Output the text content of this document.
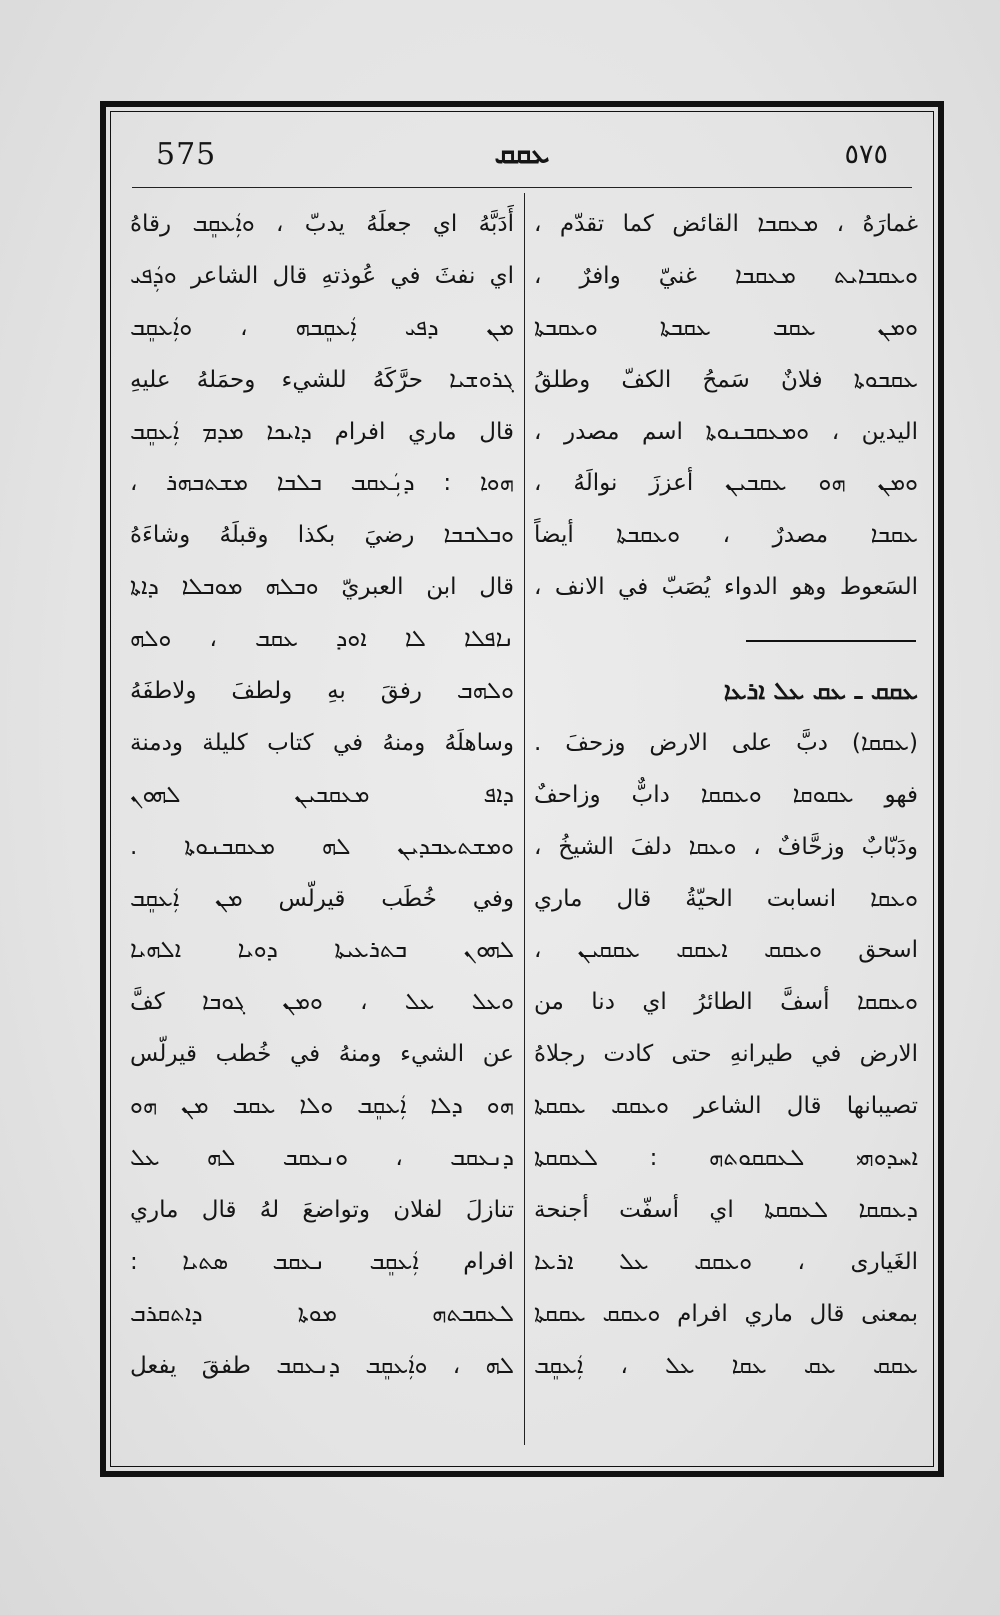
575	ܥܩܩ	٥٧٥
أَدَبَّهُ اي جعلَهُ يدبّ ، ܘܐܲܥܩܸܒ رقاهُ
اي نفثَ في عُوذتهِ قال الشاعر ܘܕܲܦܝ
ܡܢ ܕܦܝ ܐܲܥܩܸܒܗ ، ܘܐܲܥܩܸܒ
ܓܪܘܫܝܐ حرَّكَهُ للشيء وحمَلهُ عليهِ
قال ماري افرام ܕܐܝܟܐ ܡܕܡ ܐܲܥܩܸܒ
ܗܘܐ : ܕܢܲܥܩܒ ܒܠܒܐ ܡܫܬܒܗܪ ،
ܘܒܠܒܒܐ رضيَ بكذا وقبلَهُ وشاءَهُ
قال ابن العبريّ ܘܒܠܗ ܡܘܒܠܐ ܕܐܬܐ
ܢܐܦܠܐ ܠܐ ܐܘܕ ܥܩܒ ، ܘܠܗ
ܘܠܗܒ رفقَ بهِ ولطفَ ولاطفَهُ
وساهلَهُ ومنهُ في كتاب كليلة ودمنة
ܕܐܦ ܡܥܩܒܝܢ ܠܗܘܢ
ܘܡܫܬܥܒܕܝܢ ܠܗ ܡܥܩܒܢܘܬܐ .
وفي خُطَب قيرلّس ܡܢ ܐܲܥܩܸܒ
ܠܗܘܢ ܒܬܪܥܝܬܐ ܕܘܝܐ ܐܠܗܝܐ
ܘܥܠ ܥܠ ، ܘܡܢ ܓܘܒܐ كفَّ
عن الشيء ومنهُ في خُطب قيرلّس
ܗܘ ܕܠܐ ܐܲܥܩܸܒ ܘܠܐ ܥܩܒ ܡܢ ܗܘ
ܕܢܥܩܒ ، ܘܢܥܩܒ ܠܗ ܥܠ
تنازلَ لفلان وتواضعَ لهُ قال ماري
افرام ܐܲܥܩܸܒ ܢܥܩܒ ܣܬܝܐ :
ܠܥܩܒܬܗ ܡܘܬܐ ܕܐܬܩܪܒ
ܠܗ ، ܘܐܲܥܩܸܒ ܕܢܥܩܒ طفقَ يفعل
غمارَهُ ، ܡܥܩܒܐ القائض كما تقدّم ،
ܘܥܩܒܐܝܬ ܡܥܩܒܐ غنيّ وافرٌ ،
ܘܡܢ ܥܩܒ ܥܩܒܬܐ ܘܥܩܒܬܐ
ܥܩܒܘܬܐ فلانٌ سَمحُ الكفّ وطلقُ
اليدين ، ܘܡܥܩܒܢܘܬܐ اسم مصدر ،
ܘܡܢ ܗܘ ܥܩܒܝܢ أعززَ نوالَهُ ،
ܥܩܒܐ مصدرٌ ، ܘܥܩܒܬܐ أيضاً
السَعوط وهو الدواء يُصَبّ في الانف ،
ܥܩܩ ـ ܥܩ ܥܠ ܐܪܥܐ
(ܥܩܩܐ) دبَّ على الارض وزحفَ .
فهو ܥܩܘܩܐ ܘܥܩܩܐ دابٌّ وزاحفٌ
ودَبّابٌ وزحَّافٌ ، ܘܥܩܐ دلفَ الشيخُ ،
ܘܥܩܐ انسابت الحيّةُ قال ماري
اسحق ܘܥܩܩ ܐܥܩܩ ܥܩܩܝܢ ،
ܘܥܩܩܐ أسفَّ الطائرُ اي دنا من
الارض في طيرانهِ حتى كادت رجلاهُ
تصيبانها قال الشاعر ܘܥܩܩ ܥܩܩܬܐ
ܐܚܕܘܗܝ ܠܥܩܩܘܬܗ : ܠܥܩܩܬܐ
ܕܥܩܩܐ ܠܥܩܩܬܐ اي أسفّت أجنحة
الغَيارى ، ܘܥܩܩ ܥܠ ܐܪܥܐ
بمعنى قال ماري افرام ܘܥܩܩ ܥܩܩܬܐ
ܥܩܩ ܥܩ ܥܩܐ ܥܠ ، ܐܲܥܩܸܒ
